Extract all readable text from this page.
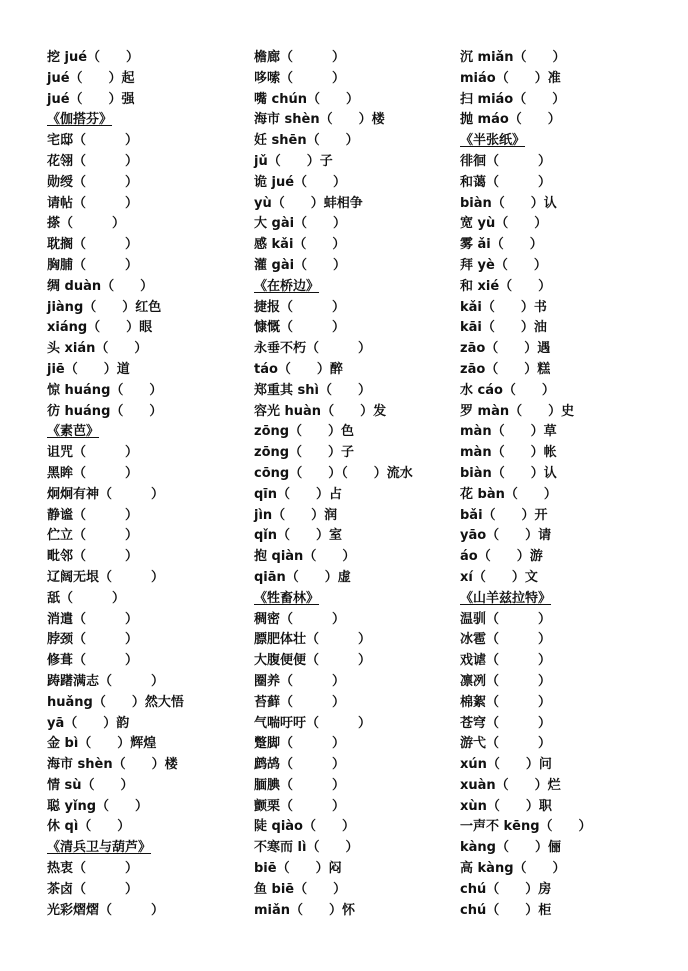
挖 jué（　　）
jué（　　）起
jué（　　）强
《伽搭芬》
宅邸（　　　）
花翎（　　　）
勋绶（　　　）
请帖（　　　）
搽（　　　）
耽搁（　　　）
胸脯（　　　）
绸 duàn（　　）
jiàng（　　）红色
xiáng（　　）眼
头 xián（　　）
jiē（　　）道
惊 huáng（　　）
彷 huáng（　　）
《素芭》
诅咒（　　　）
黑眸（　　　）
炯炯有神（　　　）
静谧（　　　）
伫立（　　　）
毗邻（　　　）
辽阔无垠（　　　）
舐（　　　）
消遣（　　　）
脖颈（　　　）
修葺（　　　）
踌躇满志（　　　）
huǎng（　　）然大悟
yā（　　）韵
金 bì（　　）辉煌
海市 shèn（　　）楼
情 sù（　　）
聪 yǐng（　　）
休 qì（　　）
《清兵卫与葫芦》
热衷（　　　）
茶卤（　　　）
光彩熠熠（　　　）
檐廊（　　　）
哆嗦（　　　）
嘴 chún（　　）
海市 shèn（　　）楼
妊 shēn（　　）
jǔ（　　）子
诡 jué（　　）
yù（　　）蚌相争
大 gài（　　）
感 kǎi（　　）
灌 gài（　　）
《在桥边》
捷报（　　　）
慷慨（　　　）
永垂不朽（　　　）
táo（　　）醉
郑重其 shì（　　）
容光 huàn（　　）发
zōng（　　）色
zōng（　　）子
cōng（　　）（　　）流水
qīn（　　）占
jìn（　　）润
qǐn（　　）室
抱 qiàn（　　）
qiān（　　）虚
《牲畜林》
稠密（　　　）
膘肥体壮（　　　）
大腹便便（　　　）
圈养（　　　）
苔藓（　　　）
气喘吁吁（　　　）
蹩脚（　　　）
鹧鸪（　　　）
腼腆（　　　）
颤栗（　　　）
陡 qiào（　　）
不寒而 lì（　　）
biē（　　）闷
鱼 biē（　　）
miǎn（　　）怀
沉 miǎn（　　）
miáo（　　）准
扫 miáo（　　）
抛 máo（　　）
《半张纸》
徘徊（　　　）
和蔼（　　　）
biàn（　　）认
宽 yù（　　）
雾 ǎi（　　）
拜 yè（　　）
和 xié（　　）
kǎi（　　）书
kāi（　　）油
zāo（　　）遇
zāo（　　）糕
水 cáo（　　）
罗 màn（　　）史
màn（　　）草
màn（　　）帐
biàn（　　）认
花 bàn（　　）
bǎi（　　）开
yāo（　　）请
áo（　　）游
xí（　　）文
《山羊兹拉特》
温驯（　　　）
冰雹（　　　）
戏谑（　　　）
凛冽（　　　）
棉絮（　　　）
苍穹（　　　）
游弋（　　　）
xún（　　）问
xuàn（　　）烂
xùn（　　）职
一声不 kēng（　　）
kàng（　　）俪
高 kàng（　　）
chú（　　）房
chú（　　）柜
